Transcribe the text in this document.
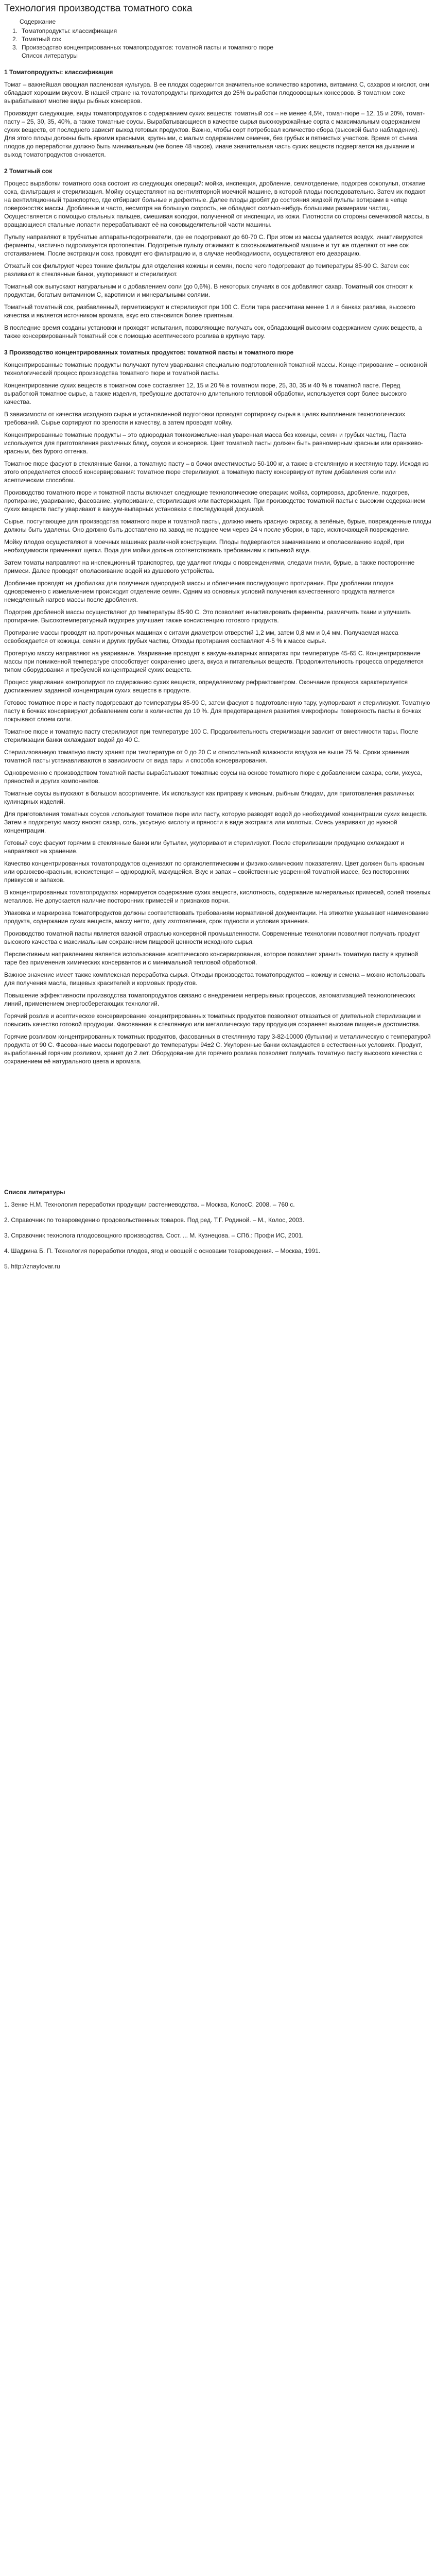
Технология производства томатного сока
Содержание
1. Томатопродукты: классификация
2. Томатный сок
3. Производство концентрированных томатопродуктов: томатной пасты и томатного пюре
Список литературы
1 Томатопродукты: классификация

Томат – важнейшая овощная пасленовая культура. В ее плодах содержится значительное количество каротина, витамина С, сахаров и кислот, они обладают хорошим вкусом. В нашей стране на томатопродукты приходится до 25% выработки плодоовощных консервов. В томатном соке вырабатывают многие виды рыбных консервов.

Производят следующие, виды томатопродуктов с содержанием сухих веществ: томатный сок – не менее 4,5%, томат-пюре – 12, 15 и 20%, томат-пасту – 25, 30, 35, 40%, а также томатные соусы. Вырабатывающиеся в качестве сырья высокоурожайные сорта с максимальным содержанием сухих веществ, от последнего зависит выход готовых продуктов. Важно, чтобы сорт потребовал количество сбора (высокой было наблюдение). Для этого плоды должны быть яркими красными, крупными, с малым содержанием семечек, без грубых и пятнистых участков. Время от съема плодов до переработки должно быть минимальным (не более 48 часов), иначе значительная часть сухих веществ подвергается на дыхание и выход томатопродуктов снижается.

2 Томатный сок

Процесс выработки томатного сока состоит из следующих операций: мойка, инспекция, дробление, семяотделение, подогрев сокопульп, отжатие сока, фильтрация и стерилизация. Мойку осуществляют на вентиляторной моечной машине, в которой плоды последовательно. Затем их подают на вентиляционный транспортер, где отбирают больные и дефектные. Далее плоды дробят до состояния жидкой пульпы вотирами в чепце поверхностях массы. Дробленые и часто, несмотря на большую скорость, не обладают сколько-нибудь большими размерами частиц. Осуществляется с помощью стальных пальцев, смешивая колодки, полученной от инспекции, из кожи. Плотности со стороны семечковой массы, а вращающиеся стальные лопасти перерабатывают её на соковыделительной части машины.

Пульпу направляют в трубчатые аппараты-подогреватели, где ее подогревают до 60-70 С. При этом из массы удаляется воздух, инактивируются ферменты, частично гидролизуется протопектин. Подогретые пульпу отжимают в соковыжимательной машине и тут же отделяют от нее сок отстаиванием. После экстракции сока проводят его фильтрацию и, в случае необходимости, осуществляют его деаэрацию.

Отжатый сок фильтруют через тонкие фильтры для отделения кожицы и семян, после чего подогревают до температуры 85-90 С. Затем сок разливают в стеклянные банки, укупоривают и стерилизуют.

Томатный сок выпускают натуральным и с добавлением соли (до 0,6%). В некоторых случаях в сок добавляют сахар. Томатный сок относят к продуктам, богатым витамином С, каротином и минеральными солями.

Томатный томатный сок, разбавленный, герметизируют и стерилизуют при 100 С. Если тара рассчитана менее 1 л в банках разлива, высокого качества и является источником аромата, вкус его становится более приятным.

В последние время созданы установки и проходят испытания, позволяющие получать сок, обладающий высоким содержанием сухих веществ, а также консервированный томатный сок с помощью асептического розлива в крупную тару.

3 Производство концентрированных томатных продуктов: томатной пасты и томатного пюре

Концентрированные томатные продукты получают путем уваривания специально подготовленной томатной массы. Концентрирование – основной технологический процесс производства томатного пюре и томатной пасты.

Концентрирование сухих веществ в томатном соке составляет 12, 15 и 20 % в томатном пюре, 25, 30, 35 и 40 % в томатной пасте. Перед выработкой томатное сырье, а также изделия, требующие достаточно длительного тепловой обработки, используется сорт более высокого качества.

В зависимости от качества исходного сырья и установленной подготовки проводят сортировку сырья в целях выполнения технологических требований. Сырье сортируют по зрелости и качеству, а затем проводят мойку.

Концентрированные томатные продукты – это однородная тонкоизмельченная уваренная масса без кожицы, семян и грубых частиц. Паста используется для приготовления различных блюд, соусов и консервов. Цвет томатной пасты должен быть равномерным красным или оранжево-красным, без бурого оттенка.

Томатное пюре фасуют в стеклянные банки, а томатную пасту – в бочки вместимостью 50-100 кг, а также в стеклянную и жестяную тару. Исходя из этого определяется способ консервирования: томатное пюре стерилизуют, а томатную пасту консервируют путем добавления соли или асептическим способом.

Производство томатного пюре и томатной пасты включает следующие технологические операции: мойка, сортировка, дробление, подогрев, протирание, уваривание, фасование, укупоривание, стерилизация или пастеризация. При производстве томатной пасты с высоким содержанием сухих веществ пасту уваривают в вакуум-выпарных установках с последующей досушкой.

Сырье, поступающее для производства томатного пюре и томатной пасты, должно иметь красную окраску, а зелёные, бурые, поврежденные плоды должны быть удалены. Оно должно быть доставлено на завод не позднее чем через 24 ч после уборки, в таре, исключающей повреждение.

Мойку плодов осуществляют в моечных машинах различной конструкции. Плоды подвергаются замачиванию и ополаскиванию водой, при необходимости применяют щетки. Вода для мойки должна соответствовать требованиям к питьевой воде.

Затем томаты направляют на инспекционный транспортер, где удаляют плоды с повреждениями, следами гнили, бурые, а также посторонние примеси. Далее проводят ополаскивание водой из душевого устройства.

Дробление проводят на дробилках для получения однородной массы и облегчения последующего протирания. При дроблении плодов одновременно с измельчением происходит отделение семян. Одним из основных условий получения качественного продукта является немедленный нагрев массы после дробления.

Подогрев дробленой массы осуществляют до температуры 85-90 С. Это позволяет инактивировать ферменты, размягчить ткани и улучшить протирание. Высокотемпературный подогрев улучшает также консистенцию готового продукта.

Протирание массы проводят на протирочных машинах с ситами диаметром отверстий 1,2 мм, затем 0,8 мм и 0,4 мм. Получаемая масса освобождается от кожицы, семян и других грубых частиц. Отходы протирания составляют 4-5 % к массе сырья.

Протертую массу направляют на уваривание. Уваривание проводят в вакуум-выпарных аппаратах при температуре 45-65 С. Концентрирование массы при пониженной температуре способствует сохранению цвета, вкуса и питательных веществ. Продолжительность процесса определяется типом оборудования и требуемой концентрацией сухих веществ.

Процесс уваривания контролируют по содержанию сухих веществ, определяемому рефрактометром. Окончание процесса характеризуется достижением заданной концентрации сухих веществ в продукте.

Готовое томатное пюре и пасту подогревают до температуры 85-90 С, затем фасуют в подготовленную тару, укупоривают и стерилизуют. Томатную пасту в бочках консервируют добавлением соли в количестве до 10 %. Для предотвращения развития микрофлоры поверхность пасты в бочках покрывают слоем соли.

Томатное пюре и томатную пасту стерилизуют при температуре 100 С. Продолжительность стерилизации зависит от вместимости тары. После стерилизации банки охлаждают водой до 40 С.

Стерилизованную томатную пасту хранят при температуре от 0 до 20 С и относительной влажности воздуха не выше 75 %. Сроки хранения томатной пасты устанавливаются в зависимости от вида тары и способа консервирования.

Одновременно с производством томатной пасты вырабатывают томатные соусы на основе томатного пюре с добавлением сахара, соли, уксуса, пряностей и других компонентов.

Томатные соусы выпускают в большом ассортименте. Их используют как приправу к мясным, рыбным блюдам, для приготовления различных кулинарных изделий.

Для приготовления томатных соусов используют томатное пюре или пасту, которую разводят водой до необходимой концентрации сухих веществ. Затем в подогретую массу вносят сахар, соль, уксусную кислоту и пряности в виде экстракта или молотых. Смесь уваривают до нужной концентрации.

Готовый соус фасуют горячим в стеклянные банки или бутылки, укупоривают и стерилизуют. После стерилизации продукцию охлаждают и направляют на хранение.

Качество концентрированных томатопродуктов оценивают по органолептическим и физико-химическим показателям. Цвет должен быть красным или оранжево-красным, консистенция – однородной, мажущейся. Вкус и запах – свойственные уваренной томатной массе, без посторонних привкусов и запахов.

В концентрированных томатопродуктах нормируется содержание сухих веществ, кислотность, содержание минеральных примесей, солей тяжелых металлов. Не допускается наличие посторонних примесей и признаков порчи.

Упаковка и маркировка томатопродуктов должны соответствовать требованиям нормативной документации. На этикетке указывают наименование продукта, содержание сухих веществ, массу нетто, дату изготовления, срок годности и условия хранения.

Производство томатной пасты является важной отраслью консервной промышленности. Современные технологии позволяют получать продукт высокого качества с максимальным сохранением пищевой ценности исходного сырья.

Перспективным направлением является использование асептического консервирования, которое позволяет хранить томатную пасту в крупной таре без применения химических консервантов и с минимальной тепловой обработкой.

Важное значение имеет также комплексная переработка сырья. Отходы производства томатопродуктов – кожицу и семена – можно использовать для получения масла, пищевых красителей и кормовых продуктов.

Повышение эффективности производства томатопродуктов связано с внедрением непрерывных процессов, автоматизацией технологических линий, применением энергосберегающих технологий.

Горячий розлив и асептическое консервирование концентрированных томатных продуктов позволяют отказаться от длительной стерилизации и повысить качество готовой продукции. Фасованная в стеклянную или металлическую тару продукция сохраняет высокие пищевые достоинства.

Горячие розливом концентрированных томатных продуктов, фасованных в стеклянную тару 3-82-10000 (бутылки) и металлическую с температурой продукта от 90 С. Фасованные массы подогревают до температуры 94±2 С. Укупоренные банки охлаждаются в естественных условиях. Продукт, выработанный горячим розливом, хранят до 2 лет. Оборудование для горячего розлива позволяет получать томатную пасту высокого качества с сохранением её натурального цвета и аромата.

Список литературы
1. Зенке Н.М. Технология переработки продукции растениеводства. – Москва, КолосС, 2008. – 760 с.
2. Справочник по товароведению продовольственных товаров. Под ред. Т.Г. Родиной. – М., Колос, 2003.
3. Справочник технолога плодоовощного производства. Сост. ... М. Кузнецова. – СПб.: Профи ИС, 2001.
4. Шадрина Б. П. Технология переработки плодов, ягод и овощей с основами товароведения. – Москва, 1991.
5. http://znaytovar.ru
